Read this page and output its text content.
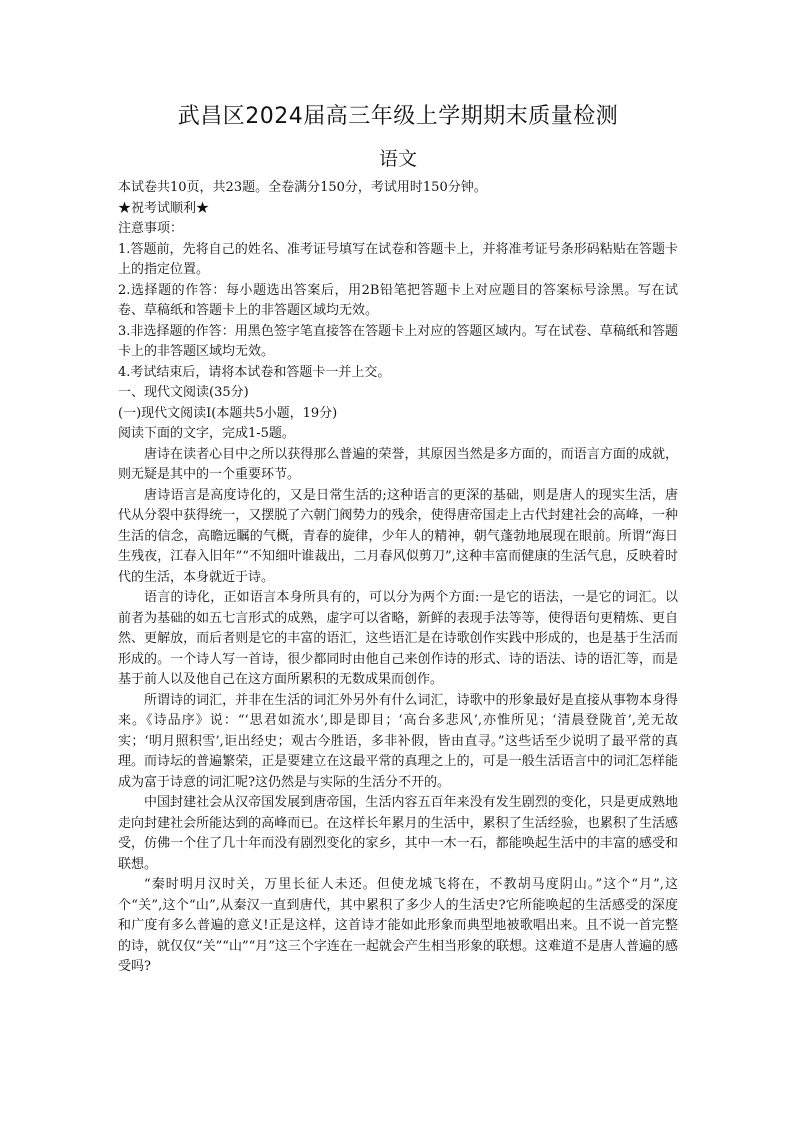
武昌区2024届高三年级上学期期末质量检测
语文

本试卷共10页，共23题。全卷满分150分，考试用时150分钟。

★祝考试顺利★

注意事项：

1.答题前，先将自己的姓名、准考证号填写在试卷和答题卡上，并将准考证号条形码粘贴在答题卡上的指定位置。

2.选择题的作答：每小题选出答案后，用2B铅笔把答题卡上对应题目的答案标号涂黑。写在试卷、草稿纸和答题卡上的非答题区域均无效。

3.非选择题的作答：用黑色签字笔直接答在答题卡上对应的答题区域内。写在试卷、草稿纸和答题卡上的非答题区域均无效。

4.考试结束后，请将本试卷和答题卡一并上交。

一、现代文阅读(35分)

(一)现代文阅读I(本题共5小题，19分)

阅读下面的文字，完成1-5题。

唐诗在读者心目中之所以获得那么普遍的荣誉，其原因当然是多方面的，而语言方面的成就，则无疑是其中的一个重要环节。

唐诗语言是高度诗化的，又是日常生活的;这种语言的更深的基础，则是唐人的现实生活，唐代从分裂中获得统一，又摆脱了六朝门阀势力的残余，使得唐帝国走上古代封建社会的高峰，一种生活的信念，高瞻远瞩的气概，青春的旋律，少年人的精神，朝气蓬勃地展现在眼前。所谓“海日生残夜，江春入旧年”“不知细叶谁裁出，二月春风似剪刀”,这种丰富而健康的生活气息，反映着时代的生活，本身就近于诗。

语言的诗化，正如语言本身所具有的，可以分为两个方面:一是它的语法，一是它的词汇。以前者为基础的如五七言形式的成熟，虚字可以省略，新鲜的表现手法等等，使得语句更精炼、更自然、更解放，而后者则是它的丰富的语汇，这些语汇是在诗歌创作实践中形成的，也是基于生活而形成的。一个诗人写一首诗，很少都同时由他自己来创作诗的形式、诗的语法、诗的语汇等，而是基于前人以及他自己在这方面所累积的无数成果而创作。

所谓诗的词汇，并非在生活的词汇外另外有什么词汇，诗歌中的形象最好是直接从事物本身得来。《诗品序》说：“‘思君如流水’,即是即目；‘高台多悲风’,亦惟所见；‘清晨登陇首’,羌无故实；‘明月照积雪’,讵出经史；观古今胜语，多非补假，皆由直寻。”这些话至少说明了最平常的真理。而诗坛的普遍繁荣，正是要建立在这最平常的真理之上的，可是一般生活语言中的词汇怎样能成为富于诗意的词汇呢?这仍然是与实际的生活分不开的。

中国封建社会从汉帝国发展到唐帝国，生活内容五百年来没有发生剧烈的变化，只是更成熟地走向封建社会所能达到的高峰而已。在这样长年累月的生活中，累积了生活经验，也累积了生活感受，仿佛一个住了几十年而没有剧烈变化的家乡，其中一木一石，都能唤起生活中的丰富的感受和联想。

“秦时明月汉时关，万里长征人未还。但使龙城飞将在，不教胡马度阴山。”这个“月”,这个“关”,这个“山”,从秦汉一直到唐代，其中累积了多少人的生活史?它所能唤起的生活感受的深度和广度有多么普遍的意义!正是这样，这首诗才能如此形象而典型地被歌唱出来。且不说一首完整的诗，就仅仅“关”“山”“月”这三个字连在一起就会产生相当形象的联想。这难道不是唐人普遍的感受吗?
